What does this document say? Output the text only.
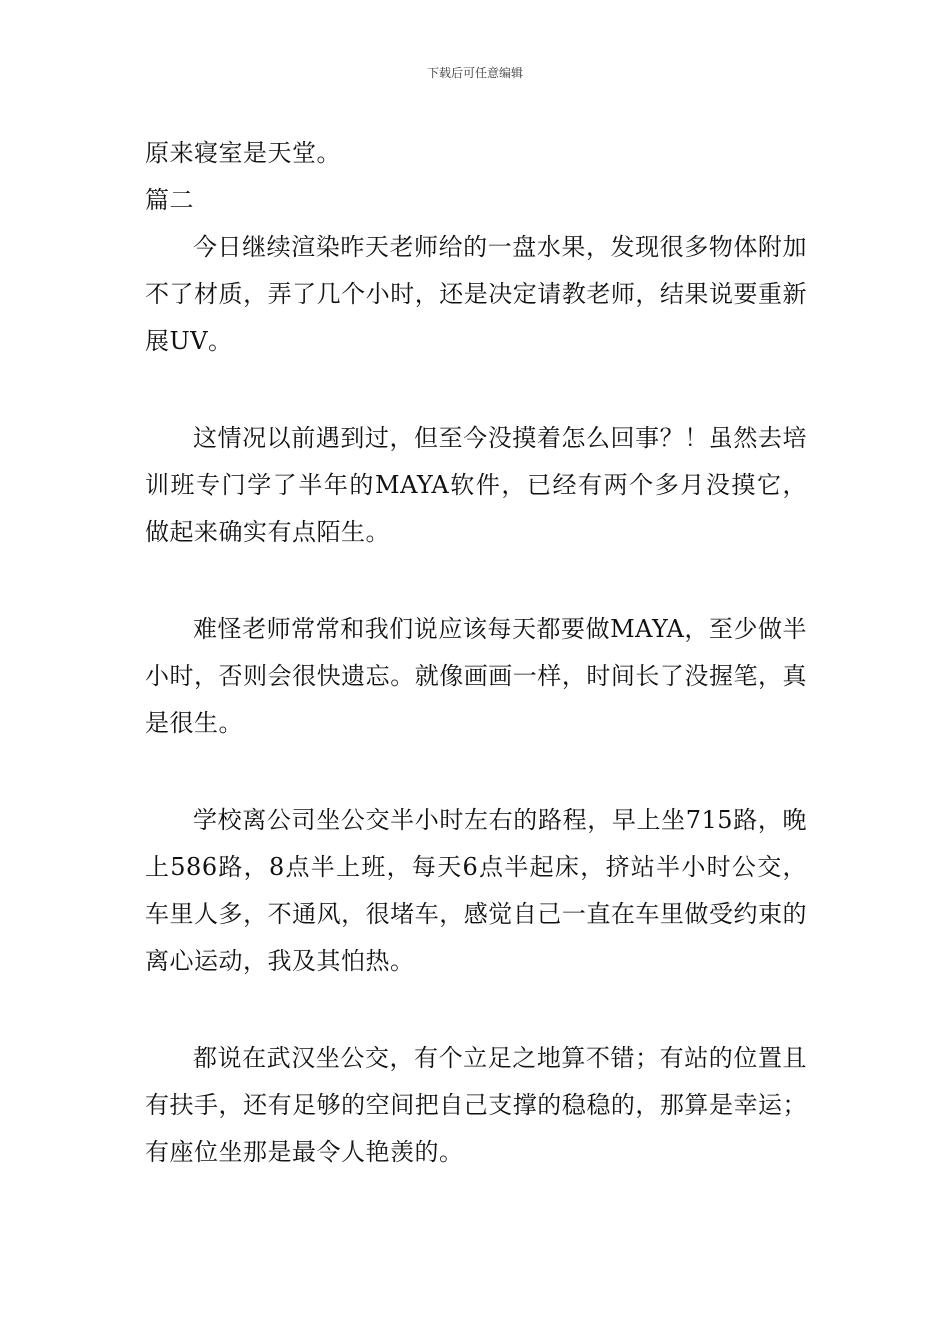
下载后可任意编辑

原来寝室是天堂。

篇二

今日继续渲染昨天老师给的一盘水果，发现很多物体附加不了材质，弄了几个小时，还是决定请教老师，结果说要重新展UV。

这情况以前遇到过，但至今没摸着怎么回事？！虽然去培训班专门学了半年的MAYA软件，已经有两个多月没摸它，做起来确实有点陌生。

难怪老师常常和我们说应该每天都要做MAYA，至少做半小时，否则会很快遗忘。就像画画一样，时间长了没握笔，真是很生。

学校离公司坐公交半小时左右的路程，早上坐715路，晚上586路，8点半上班，每天6点半起床，挤站半小时公交，车里人多，不通风，很堵车，感觉自己一直在车里做受约束的离心运动，我及其怕热。

都说在武汉坐公交，有个立足之地算不错；有站的位置且有扶手，还有足够的空间把自己支撑的稳稳的，那算是幸运；有座位坐那是最令人艳羡的。
